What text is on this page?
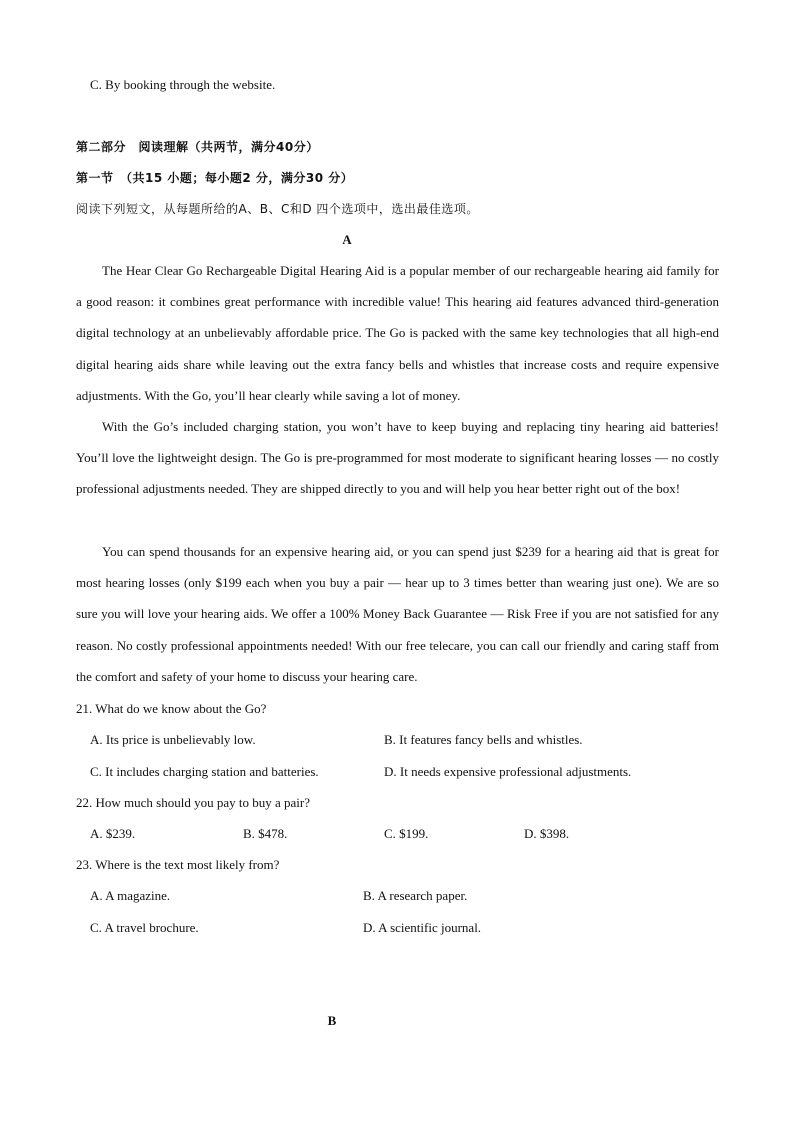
C. By booking through the website.
第二部分　阅读理解（共两节，满分40分）
第一节　（共15 小题；每小题2 分，满分30 分）
阅读下列短文，从每题所给的A、B、C和D 四个选项中，选出最佳选项。
A

The Hear Clear Go Rechargeable Digital Hearing Aid is a popular member of our rechargeable hearing aid family for a good reason: it combines great performance with incredible value! This hearing aid features advanced third-generation digital technology at an unbelievably affordable price. The Go is packed with the same key technologies that all high-end digital hearing aids share while leaving out the extra fancy bells and whistles that increase costs and require expensive adjustments. With the Go, you’ll hear clearly while saving a lot of money.

With the Go’s included charging station, you won’t have to keep buying and replacing tiny hearing aid batteries! You’ll love the lightweight design. The Go is pre-programmed for most moderate to significant hearing losses — no costly professional adjustments needed. They are shipped directly to you and will help you hear better right out of the box!

You can spend thousands for an expensive hearing aid, or you can spend just $239 for a hearing aid that is great for most hearing losses (only $199 each when you buy a pair — hear up to 3 times better than wearing just one). We are so sure you will love your hearing aids. We offer a 100% Money Back Guarantee — Risk Free if you are not satisfied for any reason. No costly professional appointments needed! With our free telecare, you can call our friendly and caring staff from the comfort and safety of your home to discuss your hearing care.

21. What do we know about the Go?
A. Its price is unbelievably low.	B. It features fancy bells and whistles.
C. It includes charging station and batteries.	D. It needs expensive professional adjustments.
22. How much should you pay to buy a pair?
A. $239.	B. $478.	C. $199.	D. $398.
23. Where is the text most likely from?
A. A magazine.	B. A research paper.
C. A travel brochure.	D. A scientific journal.
B
